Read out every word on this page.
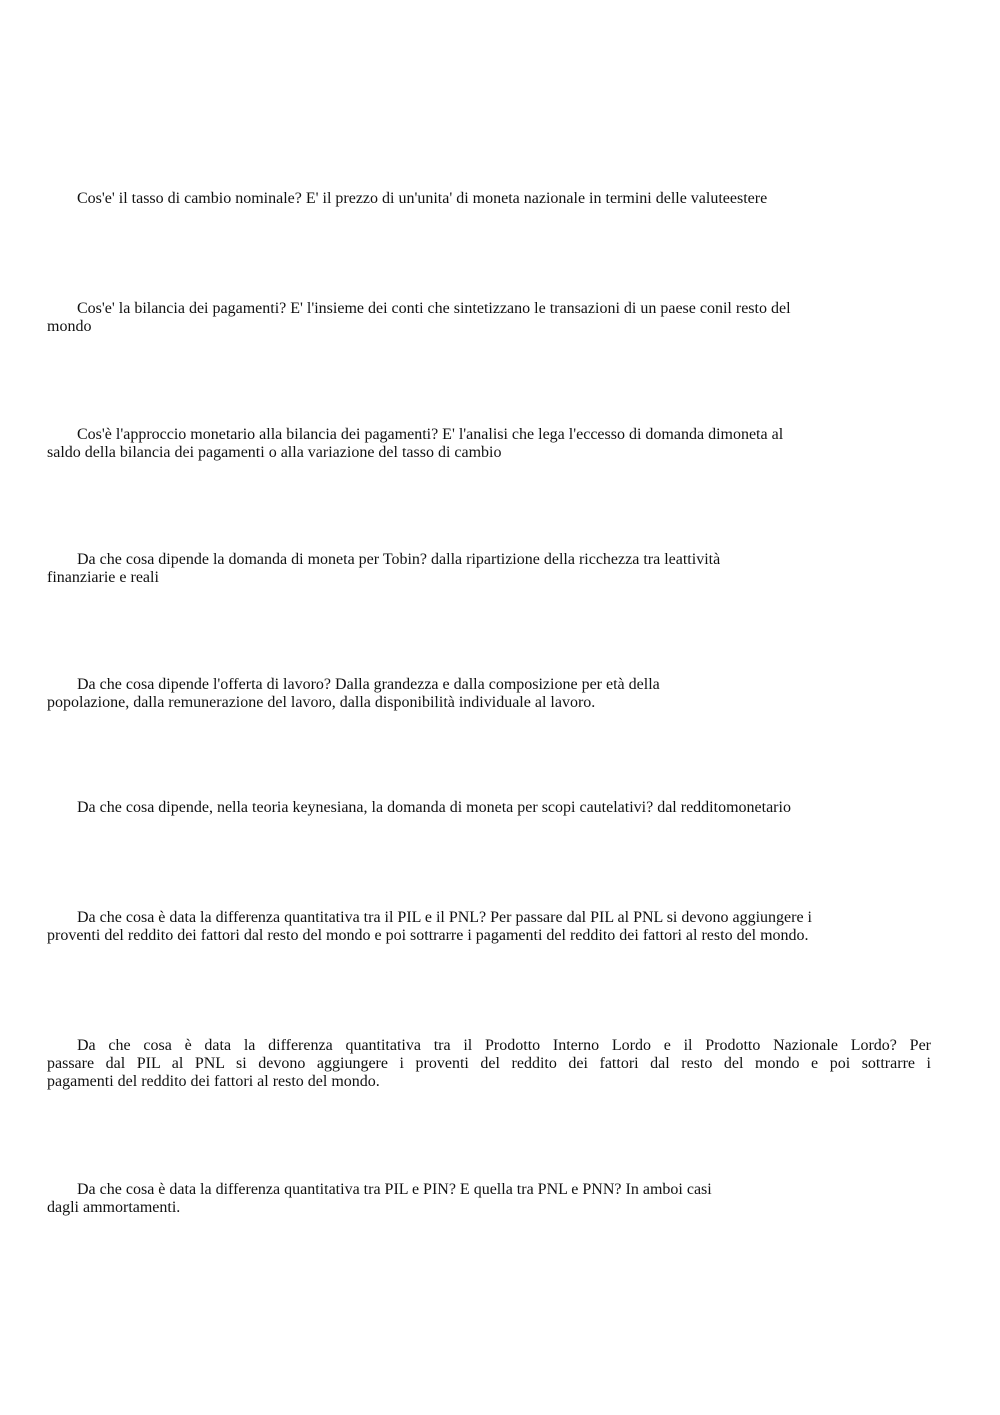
Cos'e' il tasso di cambio nominale? E' il prezzo di un'unita' di moneta nazionale in termini delle valuteestere

Cos'e' la bilancia dei pagamenti? E' l'insieme dei conti che sintetizzano le transazioni di un paese conil resto del
mondo

Cos'è l'approccio monetario alla bilancia dei pagamenti? E' l'analisi che lega l'eccesso di domanda dimoneta al
saldo della bilancia dei pagamenti o alla variazione del tasso di cambio

Da che cosa dipende la domanda di moneta per Tobin? dalla ripartizione della ricchezza tra leattività
finanziarie e reali

Da che cosa dipende l'offerta di lavoro? Dalla grandezza e dalla composizione per età della
popolazione, dalla remunerazione del lavoro, dalla disponibilità individuale al lavoro.

Da che cosa dipende, nella teoria keynesiana, la domanda di moneta per scopi cautelativi? dal redditomonetario

Da che cosa è data la differenza quantitativa tra il PIL e il PNL? Per passare dal PIL al PNL si devono aggiungere i
proventi del reddito dei fattori dal resto del mondo e poi sottrarre i pagamenti del reddito dei fattori al resto del mondo.

Da che cosa è data la differenza quantitativa tra il Prodotto Interno Lordo e il Prodotto Nazionale Lordo? Per
passare dal PIL al PNL si devono aggiungere i proventi del reddito dei fattori dal resto del mondo e poi sottrarre i
pagamenti del reddito dei fattori al resto del mondo.

Da che cosa è data la differenza quantitativa tra PIL e PIN? E quella tra PNL e PNN? In amboi casi
dagli ammortamenti.
